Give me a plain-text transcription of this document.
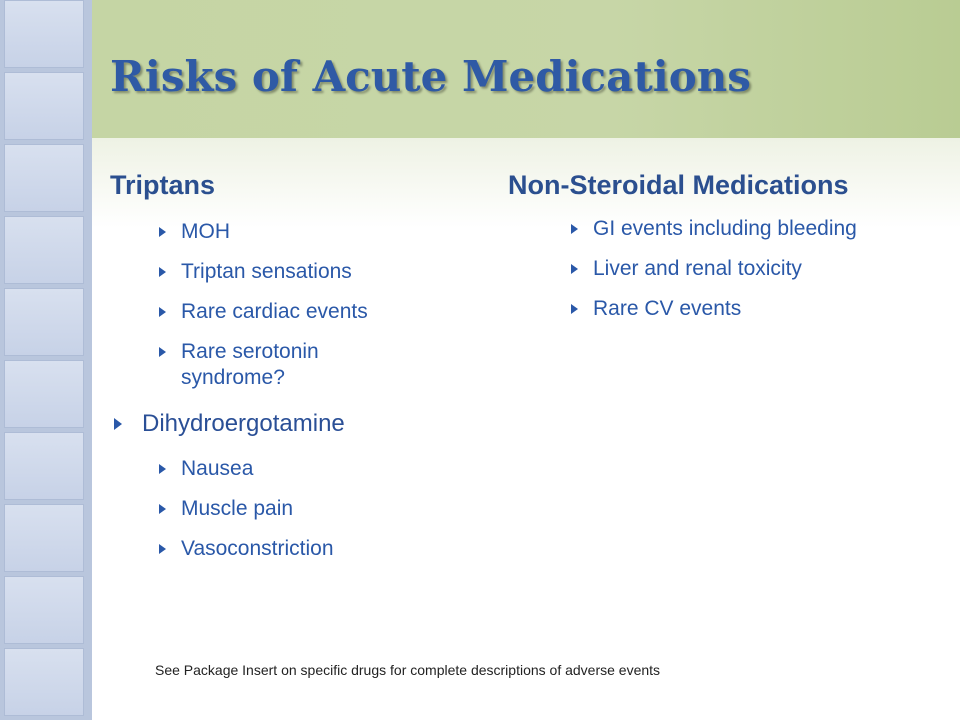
Risks of Acute Medications
Triptans
MOH
Triptan sensations
Rare cardiac events
Rare serotonin syndrome?
Dihydroergotamine
Nausea
Muscle pain
Vasoconstriction
Non-Steroidal Medications
GI events including bleeding
Liver and renal toxicity
Rare CV events
See Package Insert on specific drugs for complete descriptions of adverse events
